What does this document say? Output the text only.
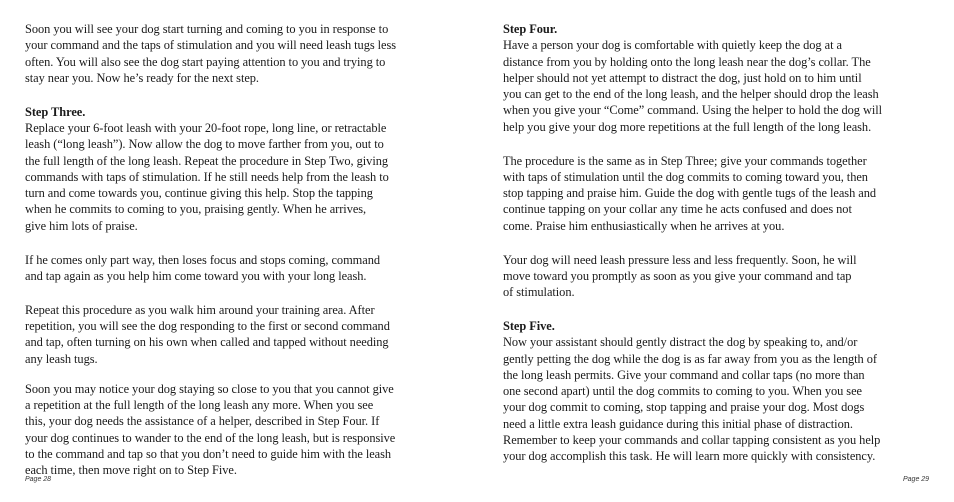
Soon you will see your dog start turning and coming to you in response to
your command and the taps of stimulation and you will need leash tugs less
often. You will also see the dog start paying attention to you and trying to
stay near you. Now he’s ready for the next step.

Step Three.
Replace your 6-foot leash with your 20-foot rope, long line, or retractable
leash (“long leash”). Now allow the dog to move farther from you, out to
the full length of the long leash. Repeat the procedure in Step Two, giving
commands with taps of stimulation. If he still needs help from the leash to
turn and come towards you, continue giving this help. Stop the tapping
when he commits to coming to you, praising gently. When he arrives,
give him lots of praise.

If he comes only part way, then loses focus and stops coming, command
and tap again as you help him come toward you with your long leash.

Repeat this procedure as you walk him around your training area. After
repetition, you will see the dog responding to the first or second command
and tap, often turning on his own when called and tapped without needing
any leash tugs.

Soon you may notice your dog staying so close to you that you cannot give
a repetition at the full length of the long leash any more. When you see
this, your dog needs the assistance of a helper, described in Step Four. If
your dog continues to wander to the end of the long leash, but is responsive
to the command and tap so that you don’t need to guide him with the leash
each time, then move right on to Step Five.

Step Four.
Have a person your dog is comfortable with quietly keep the dog at a
distance from you by holding onto the long leash near the dog’s collar. The
helper should not yet attempt to distract the dog, just hold on to him until
you can get to the end of the long leash, and the helper should drop the leash
when you give your “Come” command. Using the helper to hold the dog will
help you give your dog more repetitions at the full length of the long leash.

The procedure is the same as in Step Three; give your commands together
with taps of stimulation until the dog commits to coming toward you, then
stop tapping and praise him. Guide the dog with gentle tugs of the leash and
continue tapping on your collar any time he acts confused and does not
come. Praise him enthusiastically when he arrives at you.

Your dog will need leash pressure less and less frequently. Soon, he will
move toward you promptly as soon as you give your command and tap
of stimulation.

Step Five.
Now your assistant should gently distract the dog by speaking to, and/or
gently petting the dog while the dog is as far away from you as the length of
the long leash permits. Give your command and collar taps (no more than
one second apart) until the dog commits to coming to you. When you see
your dog commit to coming, stop tapping and praise your dog. Most dogs
need a little extra leash guidance during this initial phase of distraction.
Remember to keep your commands and collar tapping consistent as you help
your dog accomplish this task. He will learn more quickly with consistency.

Page 28	Page 29
